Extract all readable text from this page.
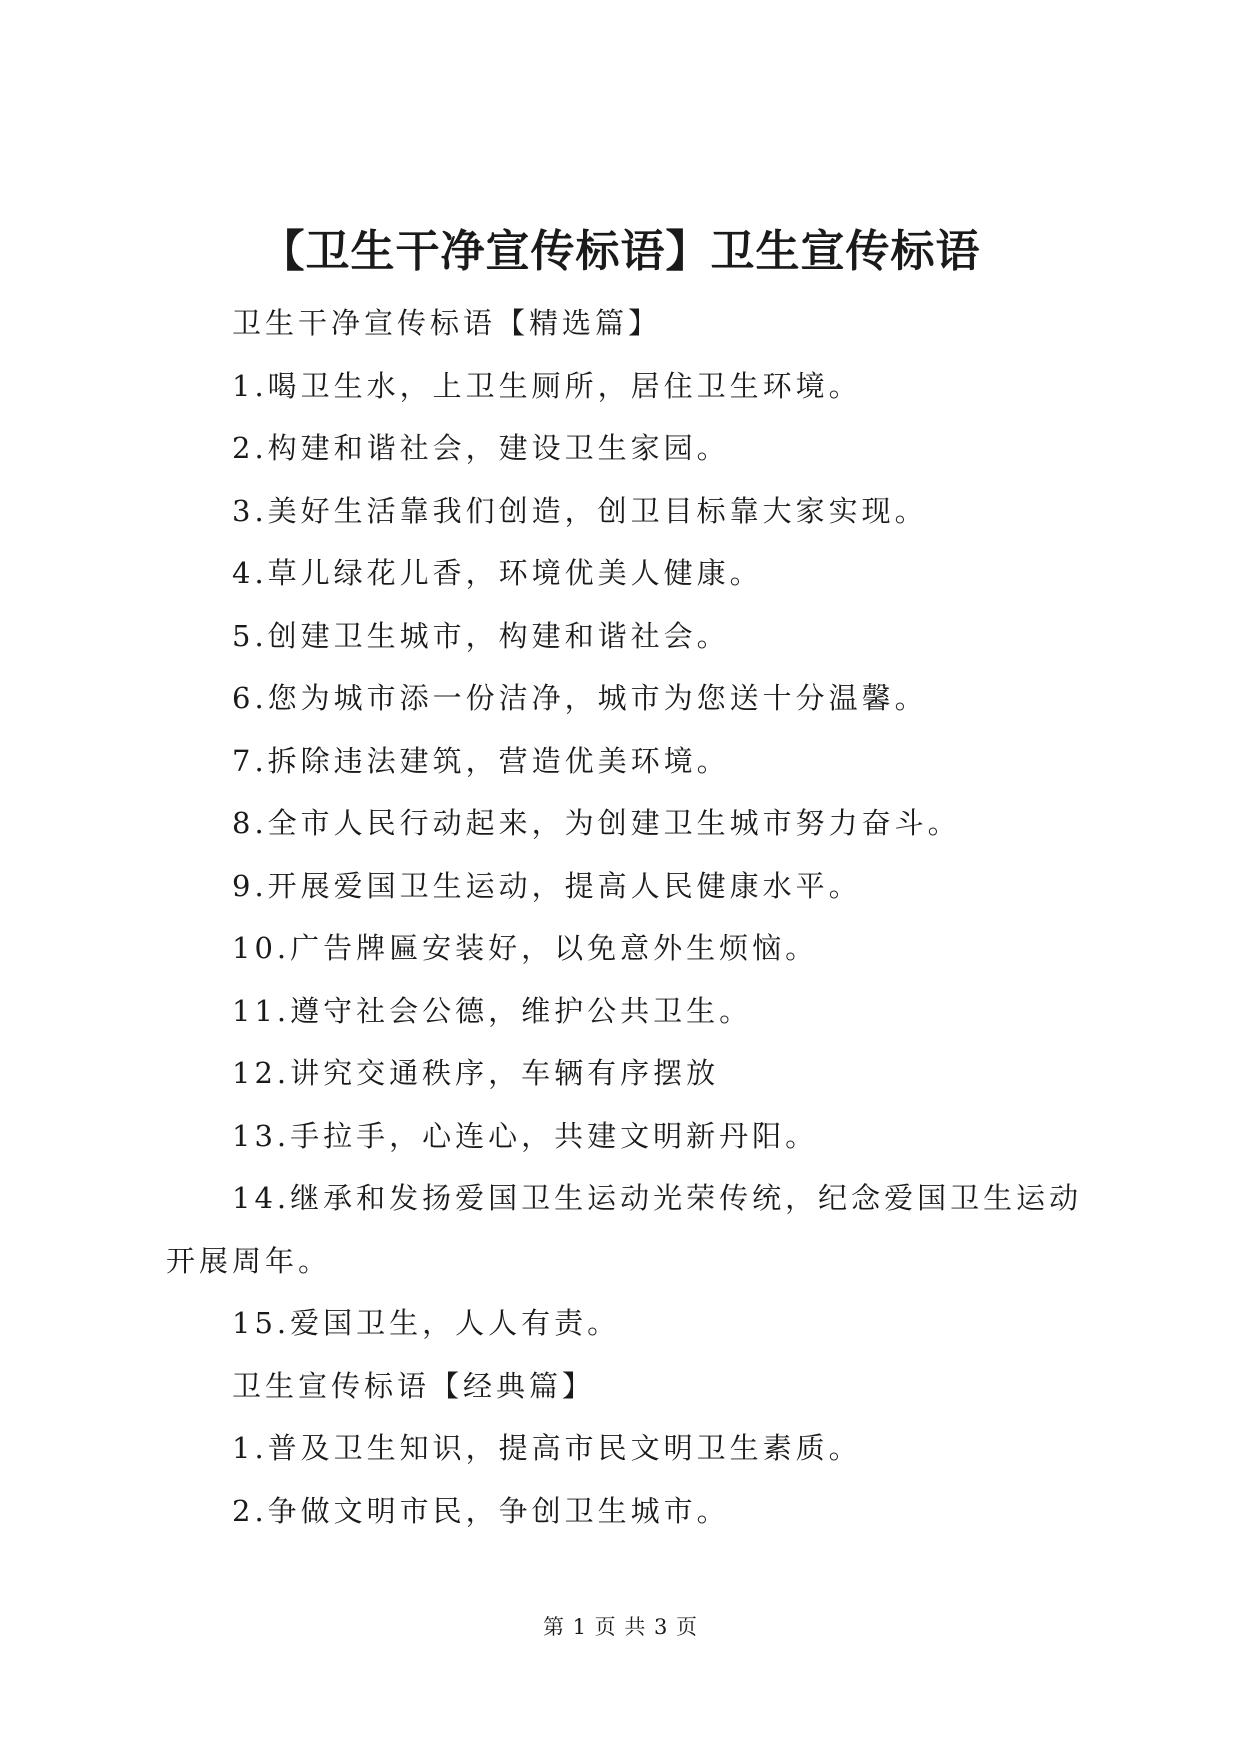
【卫生干净宣传标语】卫生宣传标语
卫生干净宣传标语【精选篇】
1.喝卫生水，上卫生厕所，居住卫生环境。
2.构建和谐社会，建设卫生家园。
3.美好生活靠我们创造，创卫目标靠大家实现。
4.草儿绿花儿香，环境优美人健康。
5.创建卫生城市，构建和谐社会。
6.您为城市添一份洁净，城市为您送十分温馨。
7.拆除违法建筑，营造优美环境。
8.全市人民行动起来，为创建卫生城市努力奋斗。
9.开展爱国卫生运动，提高人民健康水平。
10.广告牌匾安装好，以免意外生烦恼。
11.遵守社会公德，维护公共卫生。
12.讲究交通秩序，车辆有序摆放
13.手拉手，心连心，共建文明新丹阳。
14.继承和发扬爱国卫生运动光荣传统，纪念爱国卫生运动
开展周年。
15.爱国卫生，人人有责。
卫生宣传标语【经典篇】
1.普及卫生知识，提高市民文明卫生素质。
2.争做文明市民，争创卫生城市。
第 1 页 共 3 页
